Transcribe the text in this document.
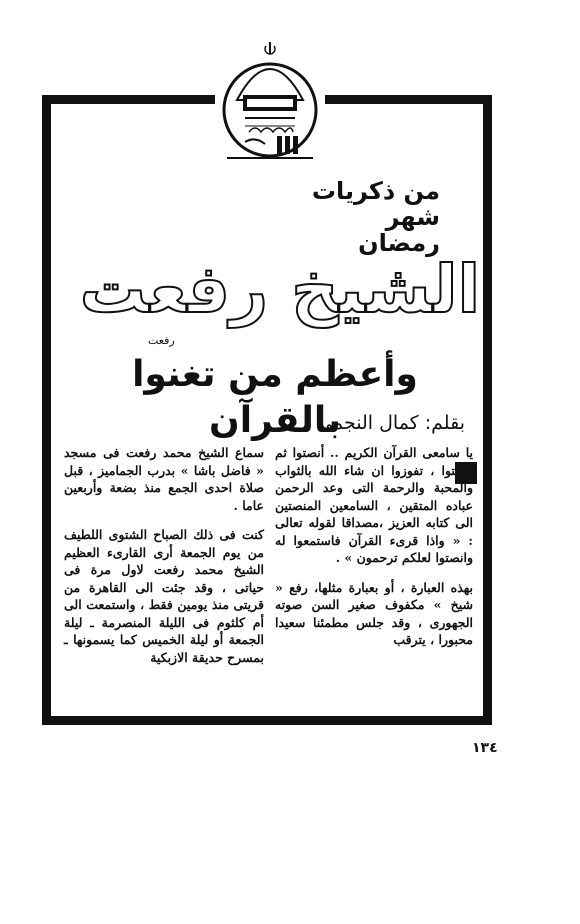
من ذكريات
شهر
رمضان
الشيخ رفعت
رفعت
وأعظم من تغنوا بالقرآن
بقلم: كمال النجمى

يا سامعى القرآن الكريم .. أنصتوا ثم أنصتوا ، تفوزوا ان شاء الله بالثواب والمحبة والرحمة التى وعد الرحمن عباده المتقين ، السامعين المنصتين الى كتابه العزيز ،مصداقا لقوله تعالى : « واذا قرىء القرآن فاستمعوا له وانصتوا لعلكم ترحمون » .

بهذه العبارة ، أو بعبارة مثلها، رفع « شيخ » مكفوف صغير السن صوته الجهورى ، وقد جلس مطمئنا سعيدا محبورا ، يترقب

سماع الشيخ محمد رفعت فى مسجد « فاضل باشا » بدرب الجماميز ، قبل صلاة احدى الجمع منذ بضعة وأربعين عاما .

كنت فى ذلك الصباح الشتوى اللطيف من يوم الجمعة أرى القارىء العظيم الشيخ محمد رفعت لاول مرة فى حياتى ، وقد جئت الى القاهرة من قريتى منذ يومين فقط ، واستمعت الى أم كلثوم فى الليلة المنصرمة ـ ليلة الجمعة أو ليلة الخميس كما يسمونها ـ بمسرح حديقة الازبكية

١٣٤
